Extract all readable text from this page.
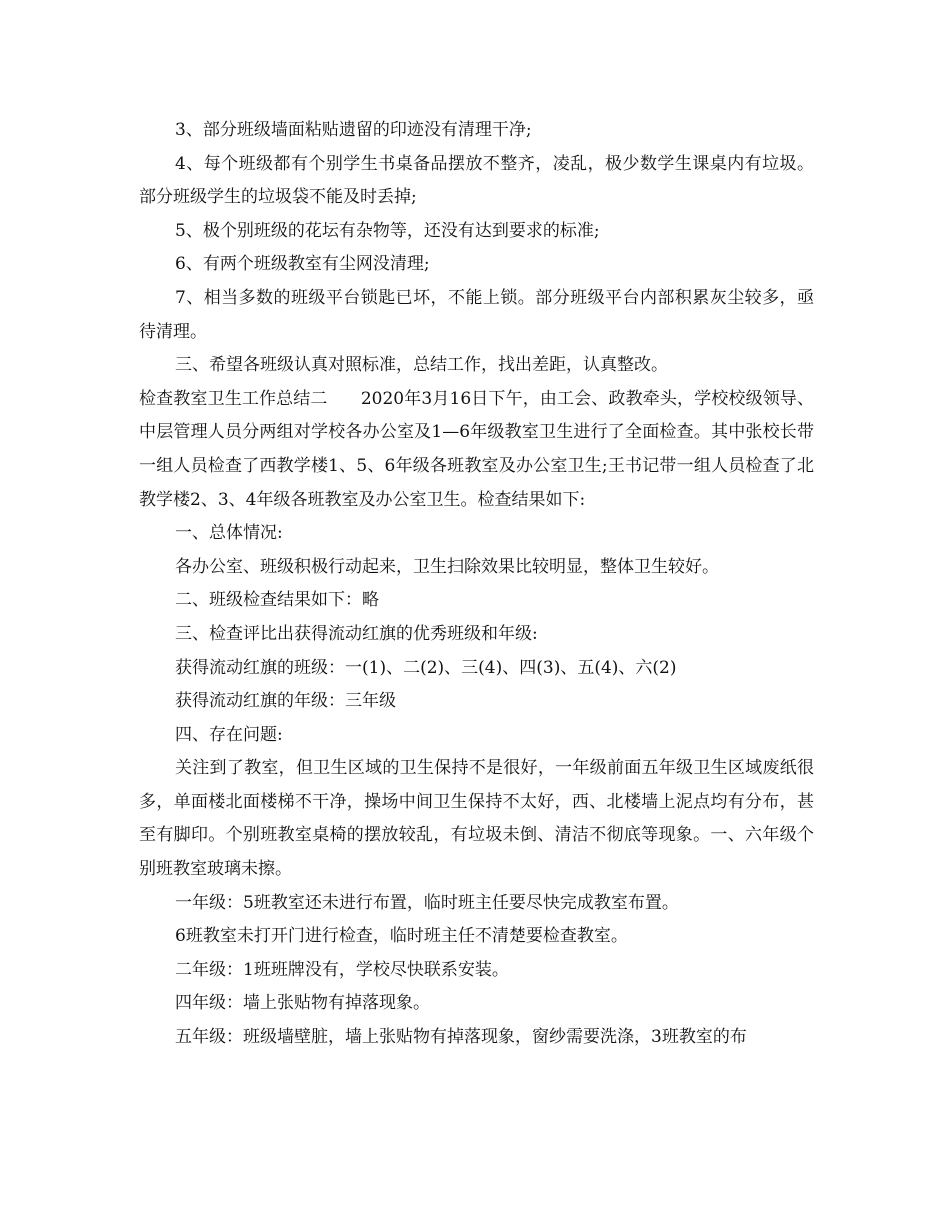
3、部分班级墙面粘贴遗留的印迹没有清理干净;

4、每个班级都有个别学生书桌备品摆放不整齐，凌乱，极少数学生课桌内有垃圾。部分班级学生的垃圾袋不能及时丢掉;

5、极个别班级的花坛有杂物等，还没有达到要求的标准;

6、有两个班级教室有尘网没清理;

7、相当多数的班级平台锁匙已坏，不能上锁。部分班级平台内部积累灰尘较多，亟待清理。

三、希望各班级认真对照标准，总结工作，找出差距，认真整改。

检查教室卫生工作总结二      2020年3月16日下午，由工会、政教牵头，学校校级领导、中层管理人员分两组对学校各办公室及1—6年级教室卫生进行了全面检查。其中张校长带一组人员检查了西教学楼1、5、6年级各班教室及办公室卫生;王书记带一组人员检查了北教学楼2、3、4年级各班教室及办公室卫生。检查结果如下:

一、总体情况:

各办公室、班级积极行动起来，卫生扫除效果比较明显，整体卫生较好。

二、班级检查结果如下：略

三、检查评比出获得流动红旗的优秀班级和年级:

获得流动红旗的班级：一(1)、二(2)、三(4)、四(3)、五(4)、六(2)

获得流动红旗的年级：三年级

四、存在问题:

关注到了教室，但卫生区域的卫生保持不是很好，一年级前面五年级卫生区域废纸很多，单面楼北面楼梯不干净，操场中间卫生保持不太好，西、北楼墙上泥点均有分布，甚至有脚印。个别班教室桌椅的摆放较乱，有垃圾未倒、清洁不彻底等现象。一、六年级个别班教室玻璃未擦。

一年级：5班教室还未进行布置，临时班主任要尽快完成教室布置。

6班教室未打开门进行检查，临时班主任不清楚要检查教室。

二年级：1班班牌没有，学校尽快联系安装。

四年级：墙上张贴物有掉落现象。

五年级：班级墙壁脏，墙上张贴物有掉落现象，窗纱需要洗涤，3班教室的布
